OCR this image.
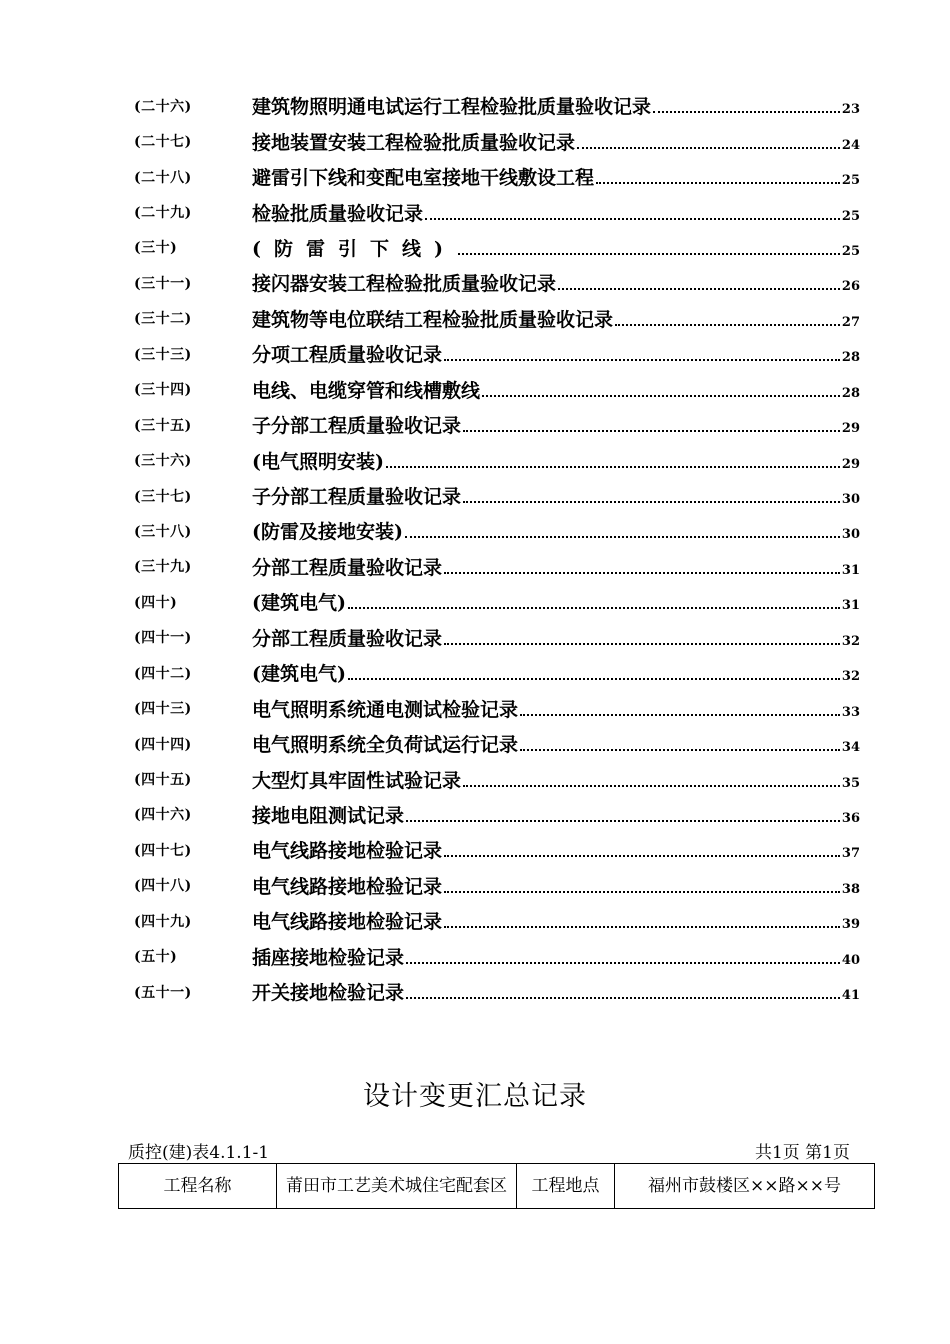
(二十六)	建筑物照明通电试运行工程检验批质量验收记录	23
(二十七)	接地装置安装工程检验批质量验收记录	24
(二十八)	避雷引下线和变配电室接地干线敷设工程	25
(二十九)	检验批质量验收记录	25
(三十)	(防雷引下线)	25
(三十一)	接闪器安装工程检验批质量验收记录	26
(三十二)	建筑物等电位联结工程检验批质量验收记录	27
(三十三)	分项工程质量验收记录	28
(三十四)	电线、电缆穿管和线槽敷线	28
(三十五)	子分部工程质量验收记录	29
(三十六)	(电气照明安装)	29
(三十七)	子分部工程质量验收记录	30
(三十八)	(防雷及接地安装)	30
(三十九)	分部工程质量验收记录	31
(四十)	(建筑电气)	31
(四十一)	分部工程质量验收记录	32
(四十二)	(建筑电气)	32
(四十三)	电气照明系统通电测试检验记录	33
(四十四)	电气照明系统全负荷试运行记录	34
(四十五)	大型灯具牢固性试验记录	35
(四十六)	接地电阻测试记录	36
(四十七)	电气线路接地检验记录	37
(四十八)	电气线路接地检验记录	38
(四十九)	电气线路接地检验记录	39
(五十)	插座接地检验记录	40
(五十一)	开关接地检验记录	41
设计变更汇总记录
质控(建)表4.1.1-1	共1页 第1页
工程名称	莆田市工艺美术城住宅配套区	工程地点	福州市鼓楼区××路××号
